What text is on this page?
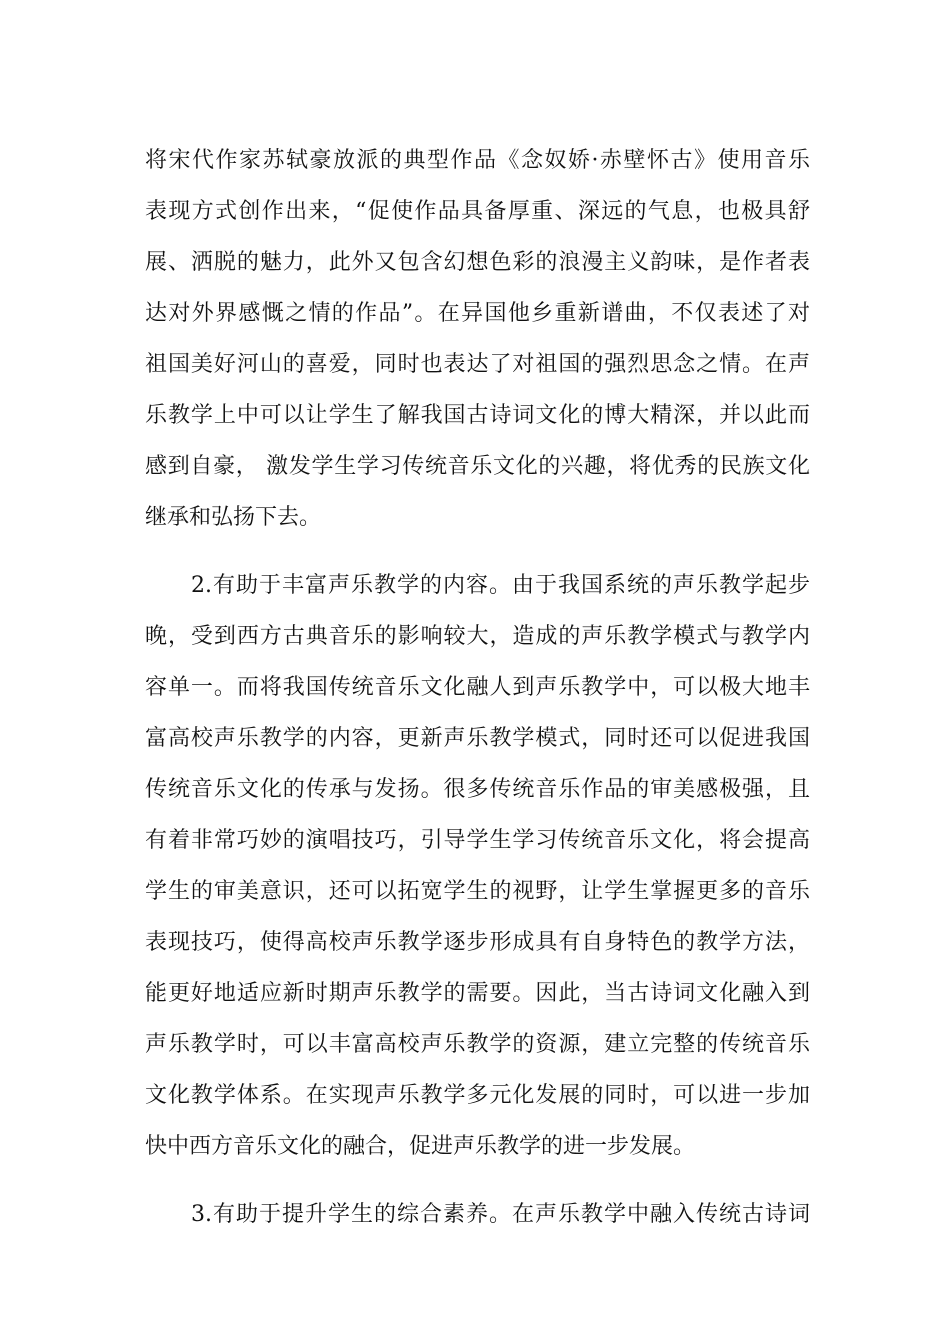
将宋代作家苏轼豪放派的典型作品《念奴娇·赤壁怀古》使用音乐
表现方式创作出来，“促使作品具备厚重、深远的气息，也极具舒
展、洒脱的魅力，此外又包含幻想色彩的浪漫主义韵味，是作者表
达对外界感慨之情的作品”。在异国他乡重新谱曲，不仅表述了对
祖国美好河山的喜爱，同时也表达了对祖国的强烈思念之情。在声
乐教学上中可以让学生了解我国古诗词文化的博大精深，并以此而
感到自豪， 激发学生学习传统音乐文化的兴趣，将优秀的民族文化
继承和弘扬下去。
　　2.有助于丰富声乐教学的内容。由于我国系统的声乐教学起步
晚，受到西方古典音乐的影响较大，造成的声乐教学模式与教学内
容单一。而将我国传统音乐文化融人到声乐教学中，可以极大地丰
富高校声乐教学的内容，更新声乐教学模式，同时还可以促进我国
传统音乐文化的传承与发扬。很多传统音乐作品的审美感极强，且
有着非常巧妙的演唱技巧，引导学生学习传统音乐文化，将会提高
学生的审美意识，还可以拓宽学生的视野，让学生掌握更多的音乐
表现技巧，使得高校声乐教学逐步形成具有自身特色的教学方法，
能更好地适应新时期声乐教学的需要。因此，当古诗词文化融入到
声乐教学时，可以丰富高校声乐教学的资源，建立完整的传统音乐
文化教学体系。在实现声乐教学多元化发展的同时，可以进一步加
快中西方音乐文化的融合，促进声乐教学的进一步发展。
　　3.有助于提升学生的综合素养。在声乐教学中融入传统古诗词
